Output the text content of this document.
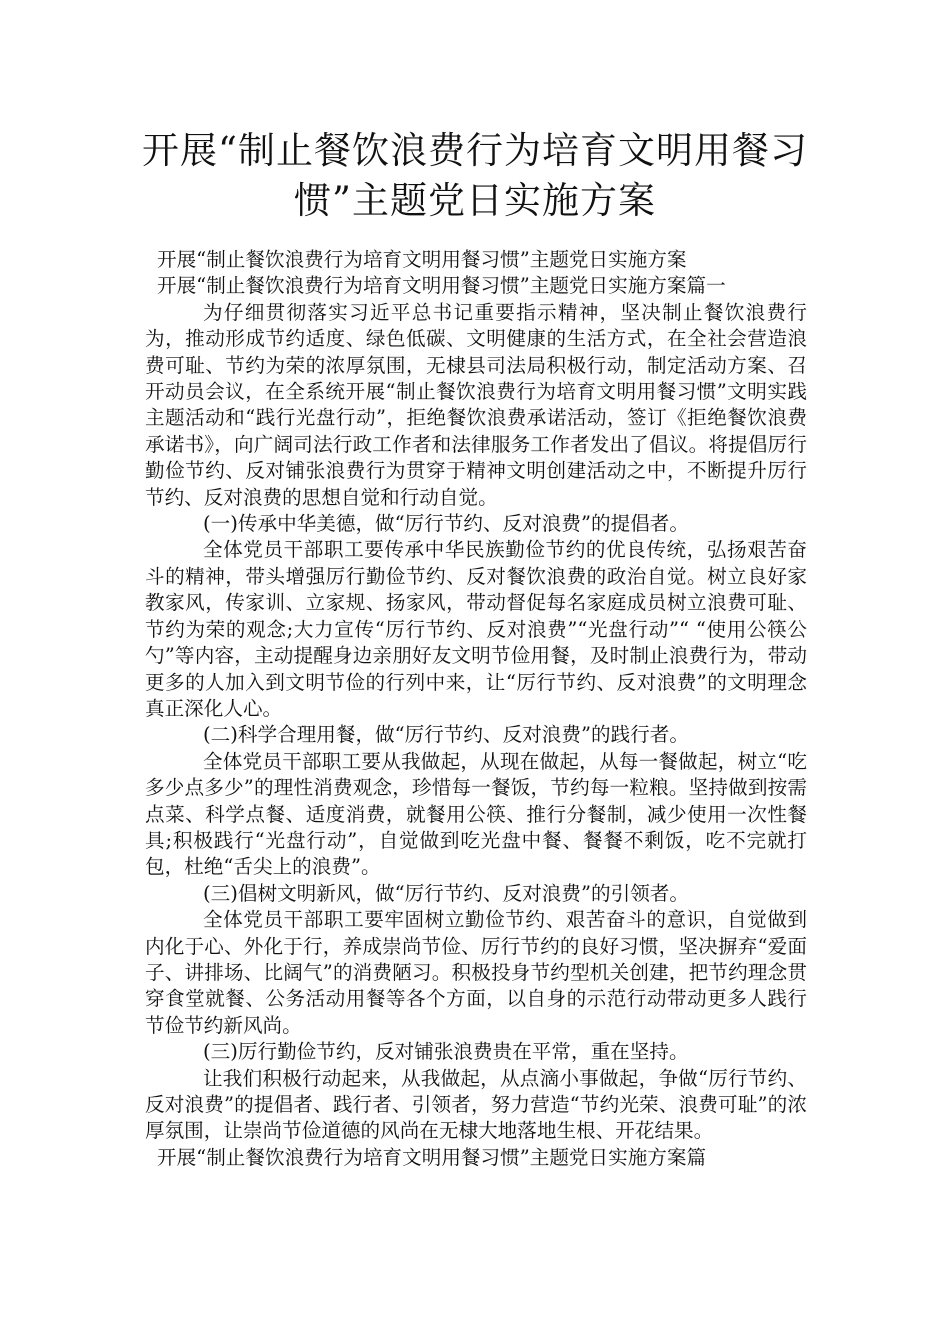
开展“制止餐饮浪费行为培育文明用餐习惯”主题党日实施方案

开展“制止餐饮浪费行为培育文明用餐习惯”主题党日实施方案

开展“制止餐饮浪费行为培育文明用餐习惯”主题党日实施方案篇一

为仔细贯彻落实习近平总书记重要指示精神，坚决制止餐饮浪费行为，推动形成节约适度、绿色低碳、文明健康的生活方式，在全社会营造浪费可耻、节约为荣的浓厚氛围，无棣县司法局积极行动，制定活动方案、召开动员会议，在全系统开展“制止餐饮浪费行为培育文明用餐习惯”文明实践主题活动和“践行光盘行动”，拒绝餐饮浪费承诺活动，签订《拒绝餐饮浪费承诺书》，向广阔司法行政工作者和法律服务工作者发出了倡议。将提倡厉行勤俭节约、反对铺张浪费行为贯穿于精神文明创建活动之中，不断提升厉行节约、反对浪费的思想自觉和行动自觉。

(一)传承中华美德，做“厉行节约、反对浪费”的提倡者。

全体党员干部职工要传承中华民族勤俭节约的优良传统，弘扬艰苦奋斗的精神，带头增强厉行勤俭节约、反对餐饮浪费的政治自觉。树立良好家教家风，传家训、立家规、扬家风，带动督促每名家庭成员树立浪费可耻、节约为荣的观念;大力宣传“厉行节约、反对浪费”“光盘行动”“ “使用公筷公勺”等内容，主动提醒身边亲朋好友文明节俭用餐，及时制止浪费行为，带动更多的人加入到文明节俭的行列中来，让“厉行节约、反对浪费”的文明理念真正深化人心。

(二)科学合理用餐，做“厉行节约、反对浪费”的践行者。

全体党员干部职工要从我做起，从现在做起，从每一餐做起，树立“吃多少点多少”的理性消费观念，珍惜每一餐饭，节约每一粒粮。坚持做到按需点菜、科学点餐、适度消费，就餐用公筷、推行分餐制，减少使用一次性餐具;积极践行“光盘行动”，自觉做到吃光盘中餐、餐餐不剩饭，吃不完就打包，杜绝“舌尖上的浪费”。

(三)倡树文明新风，做“厉行节约、反对浪费”的引领者。

全体党员干部职工要牢固树立勤俭节约、艰苦奋斗的意识，自觉做到内化于心、外化于行，养成崇尚节俭、厉行节约的良好习惯，坚决摒弃“爱面子、讲排场、比阔气”的消费陋习。积极投身节约型机关创建，把节约理念贯穿食堂就餐、公务活动用餐等各个方面，以自身的示范行动带动更多人践行节俭节约新风尚。

(三)厉行勤俭节约，反对铺张浪费贵在平常，重在坚持。

让我们积极行动起来，从我做起，从点滴小事做起，争做“厉行节约、反对浪费”的提倡者、践行者、引领者，努力营造“节约光荣、浪费可耻”的浓厚氛围，让崇尚节俭道德的风尚在无棣大地落地生根、开花结果。

开展“制止餐饮浪费行为培育文明用餐习惯”主题党日实施方案篇
